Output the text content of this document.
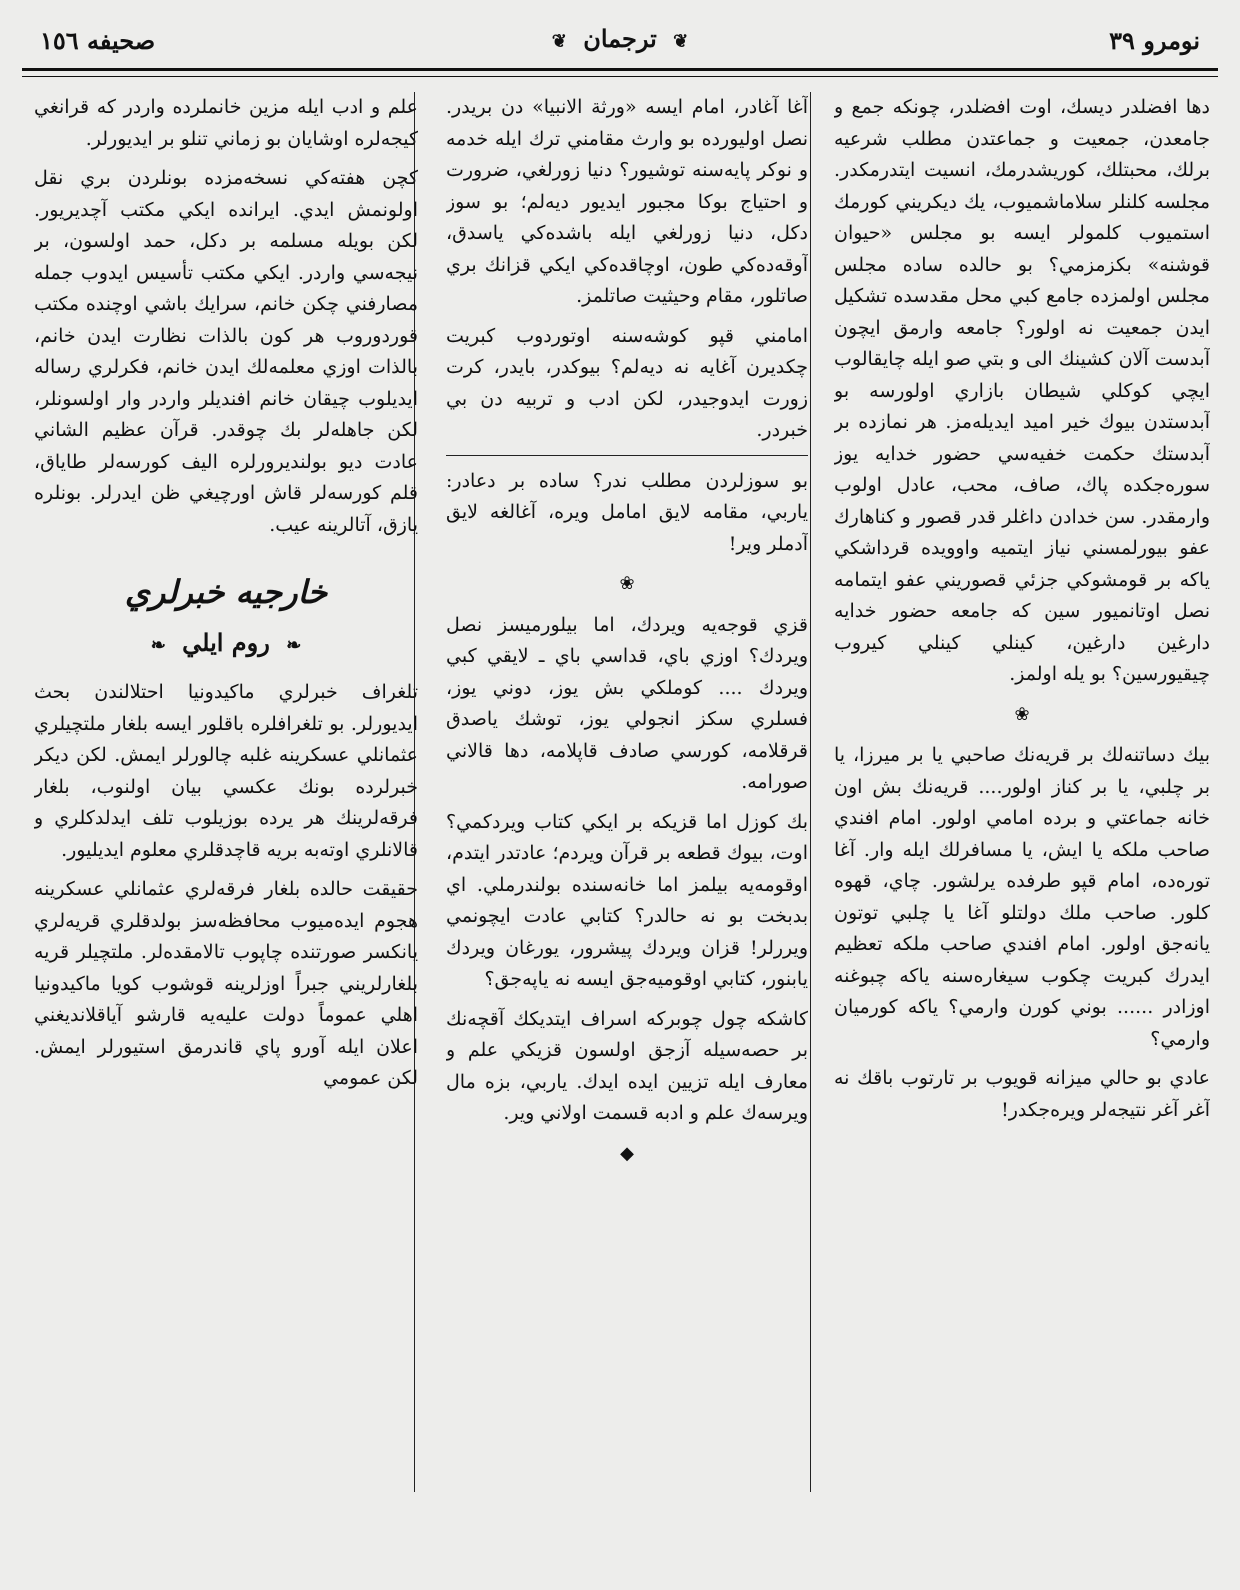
نومرو ٣٩
❦ ترجمان ❦
صحيفه ١٥٦

دها افضلدر ديسك، اوت افضلدر، چونكه جمع و جامعدن، جمعيت و جماعتدن مطلب شرعيه برلك، محبتلك، كوريشدرمك، انسيت ايتدرمكدر. مجلسه كلنلر سلاماشميوب، يك ديكريني كورمك استميوب كلمولر ايسه بو مجلس «حيوان قوشنه» بكزمزمي؟ بو حالده ساده مجلس مجلس اولمزده جامع كبي محل مقدسده تشكيل ايدن جمعيت نه اولور؟ جامعه وارمق ايچون آبدست آلان كشينك الى و بتي صو ايله چايقالوب ايچي كوكلي شيطان بازاري اولورسه بو آبدستدن بيوك خير اميد ايديله‌مز. هر نمازده بر آبدستك حكمت خفيه‌سي حضور خدايه يوز سوره‌جكده پاك، صاف، محب، عادل اولوب وارمقدر. سن خدادن داغلر قدر قصور و كناهارك عفو بيورلمسني نياز ايتميه واوويده قرداشكي ياكه بر قومشوكي جزئي قصوريني عفو ايتمامه نصل اوتانميور سين كه جامعه حضور خدايه دارغين دارغين، كينلي كينلي كيروب چيقيورسين؟ بو يله اولمز.

❀

بيك دساتنه‌لك بر قريه‌نك صاحبي يا بر ميرزا، يا بر چلبي، يا بر كناز اولور.... قريه‌نك بش اون خانه جماعتي و برده امامي اولور. امام افندي صاحب ملكه يا ايش، يا مسافرلك ايله وار. آغا توره‌ده، امام قپو طرفده يرلشور. چاي، قهوه كلور. صاحب ملك دولتلو آغا يا چلبي توتون يانه‌جق اولور. امام افندي صاحب ملكه تعظيم ايدرك كبريت چكوب سيغاره‌سنه ياكه چبوغنه اوزادر ...... بوني كورن وارمي؟ ياكه كورميان وارمي؟

عادي بو حالي ميزانه قويوب بر تارتوب باقك نه آغر آغر نتيجه‌لر ويره‌جكدر!

آغا آغادر، امام ايسه «ورثة الانبيا» دن بريدر. نصل اوليورده بو وارث مقامني ترك ايله خدمه و نوكر پايه‌سنه توشيور؟ دنيا زورلغي، ضرورت و احتياج بوكا مجبور ايديور ديه‌لم؛ بو سوز دكل، دنيا زورلغي ايله باشده‌كي ياسدق، آوقه‌ده‌كي طون، اوچاقده‌كي ايكي قزانك بري صاتلور، مقام وحيثيت صاتلمز.

امامني قپو كوشه‌سنه اوتوردوب كبريت چكديرن آغايه نه ديه‌لم؟ بيوكدر، بايدر، كرت زورت ايدوجيدر، لكن ادب و تربيه دن بي خبردر.

بو سوزلردن مطلب ندر؟ ساده بر دعادر: ياربي، مقامه لايق امامل ويره، آغالغه لايق آدملر وير!

❀

قزي قوجه‌يه ويردك، اما بيلورميسز نصل ويردك؟ اوزي باي، قداسي باي ـ لايقي كبي ويردك .... كوملكي بش يوز، دوني يوز، فسلري سكز انجولي يوز، توشك ياصدق قرقلامه، كورسي صادف قاپلامه، دها قالاني صورامه.

بك كوزل اما قزيكه بر ايكي كتاب ويردكمي؟ اوت، بيوك قطعه بر قرآن ويردم؛ عادتدر ايتدم، اوقومه‌يه بيلمز اما خانه‌سنده بولندرملي. اي بدبخت بو نه حالدر؟ كتابي عادت ايچونمي ويررلر! قزان ويردك پيشرور، يورغان ويردك يابنور، كتابي اوقوميه‌جق ايسه نه ياپه‌جق؟

كاشكه چول چوبركه اسراف ايتديكك آقچه‌نك بر حصه‌سيله آز‌جق اولسون قزيكي علم و معارف ايله تزيين ايده ايدك. ياربي، بزه مال ويرسه‌ك علم و ادبه قسمت اولاني وير.

◆

علم و ادب ايله مزين خانملرده واردر كه قرانغي كيجه‌لره اوشايان بو زماني تنلو بر ايديورلر.

كچن هفته‌كي نسخه‌مزده بونلردن بري نقل اولونمش ايدي. ايرانده ايكي مكتب آچديريور. لكن بويله مسلمه بر دكل، حمد اولسون، بر نيجه‌سي واردر. ايكي مكتب تأسيس ايدوب جمله مصارفني چكن خانم، سرايك باشي اوچنده مكتب قوردوروب هر كون بالذات نظارت ايدن خانم، بالذات اوزي معلمه‌لك ايدن خانم، فكرلري رساله ايديلوب چيقان خانم افنديلر واردر وار اولسونلر، لكن جاهله‌لر بك چوقدر. قرآن عظيم الشاني عادت ديو بولنديرورلره اليف كورسه‌لر طاياق، قلم كورسه‌لر قاش اورچيغي ظن ايدرلر. بونلره يازق، آتالرينه عيب.

خارجيه خبرلري
❧ روم ايلي ❧

تلغراف خبرلري ماكيدونيا احتلالندن بحث ايديورلر. بو تلغرافلره باقلور ايسه بلغار ملتچيلري عثمانلي عسكرينه غلبه چالورلر ايمش. لكن ديكر خبرلرده بونك عكسي بيان اولنوب، بلغار فرقه‌لرينك هر يرده بوزيلوب تلف ايدلدكلري و قالانلري اوته‌به بريه قاچدقلري معلوم ايديليور.

حقيقت حالده بلغار فرقه‌لري عثمانلي عسكرينه هجوم ايده‌ميوب محافظه‌سز بولدقلري قريه‌لري يانكسر صورتنده چاپوب تالا‌مقده‌لر. ملتچيلر قريه بلغارلريني جبراً اوزلرينه قوشوب كويا ماكيدونيا اهلي عموماً دولت عليه‌يه قارشو آياقلانديغني اعلان ايله آورو پاي قاندرمق استيورلر ايمش. لكن عمومي
